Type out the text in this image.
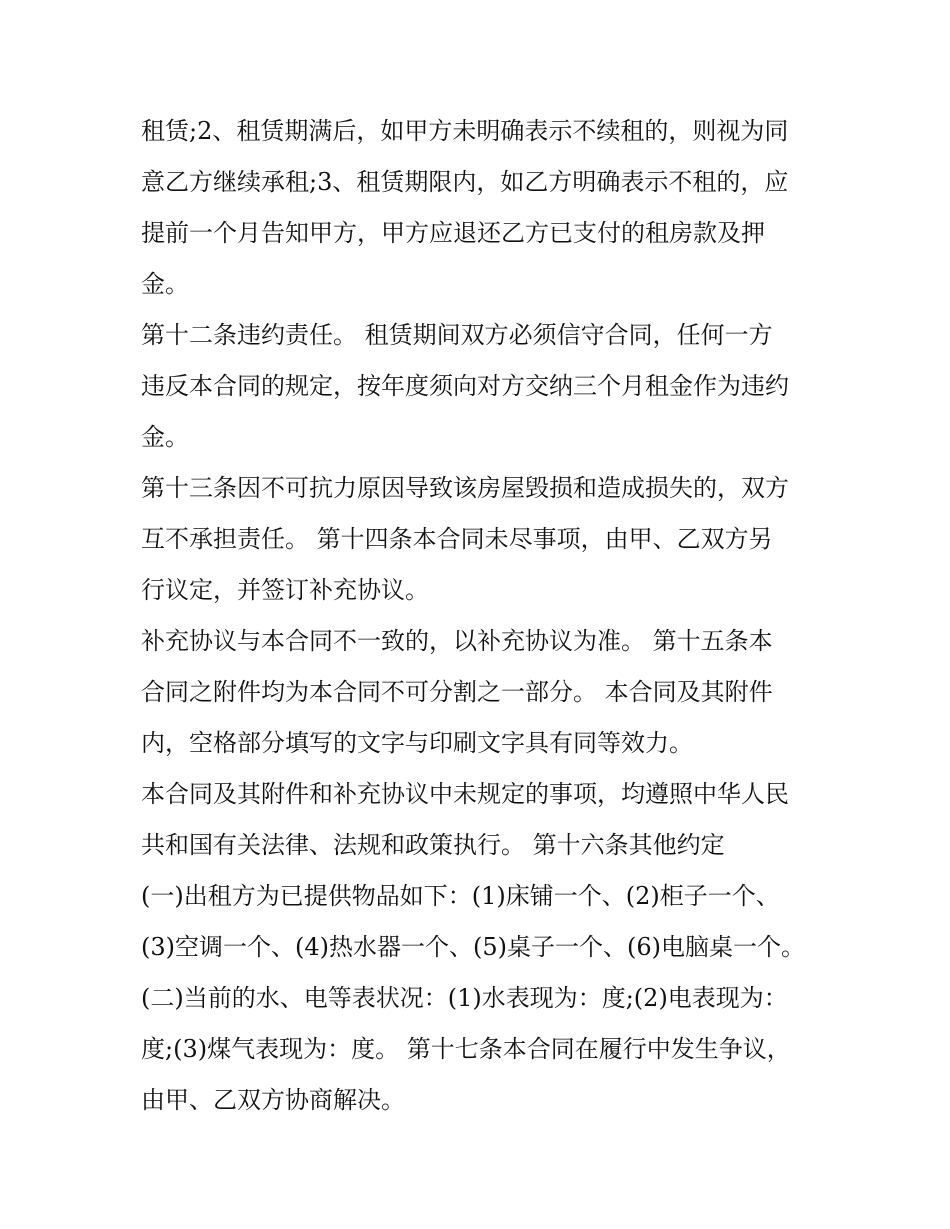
租赁;2、租赁期满后，如甲方未明确表示不续租的，则视为同
意乙方继续承租;3、租赁期限内，如乙方明确表示不租的，应
提前一个月告知甲方，甲方应退还乙方已支付的租房款及押
金。
第十二条违约责任。 租赁期间双方必须信守合同，任何一方
违反本合同的规定，按年度须向对方交纳三个月租金作为违约
金。
第十三条因不可抗力原因导致该房屋毁损和造成损失的，双方
互不承担责任。 第十四条本合同未尽事项，由甲、乙双方另
行议定，并签订补充协议。
补充协议与本合同不一致的，以补充协议为准。 第十五条本
合同之附件均为本合同不可分割之一部分。 本合同及其附件
内，空格部分填写的文字与印刷文字具有同等效力。
本合同及其附件和补充协议中未规定的事项，均遵照中华人民
共和国有关法律、法规和政策执行。 第十六条其他约定
(一)出租方为已提供物品如下：(1)床铺一个、(2)柜子一个、
(3)空调一个、(4)热水器一个、(5)桌子一个、(6)电脑桌一个。
(二)当前的水、电等表状况：(1)水表现为：度;(2)电表现为：
度;(3)煤气表现为：度。 第十七条本合同在履行中发生争议，
由甲、乙双方协商解决。
